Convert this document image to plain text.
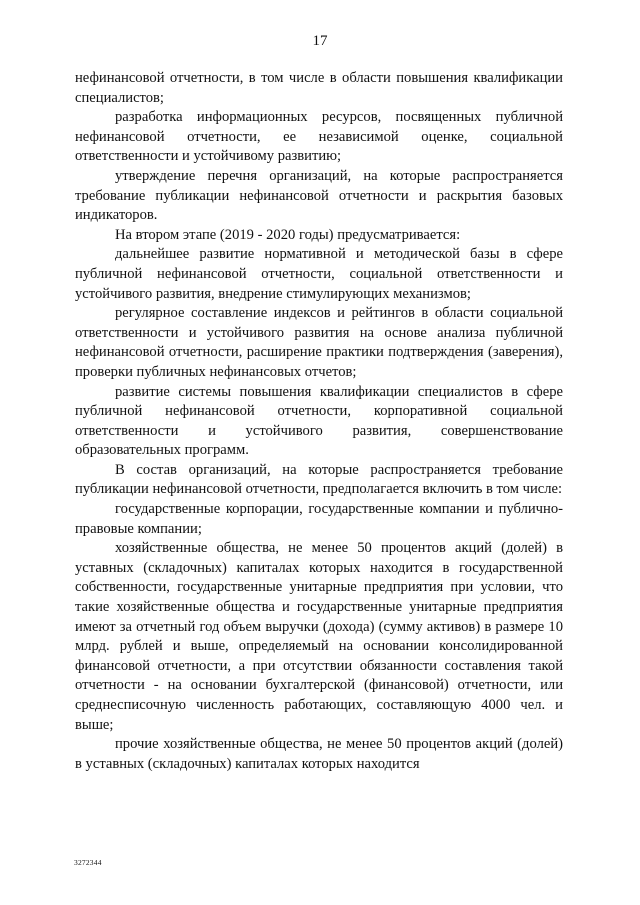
17

нефинансовой отчетности, в том числе в области повышения квалификации специалистов;

разработка информационных ресурсов, посвященных публичной нефинансовой отчетности, ее независимой оценке, социальной ответственности и устойчивому развитию;

утверждение перечня организаций, на которые распространяется требование публикации нефинансовой отчетности и раскрытия базовых индикаторов.

На втором этапе (2019 - 2020 годы) предусматривается:

дальнейшее развитие нормативной и методической базы в сфере публичной нефинансовой отчетности, социальной ответственности и устойчивого развития, внедрение стимулирующих механизмов;

регулярное составление индексов и рейтингов в области социальной ответственности и устойчивого развития на основе анализа публичной нефинансовой отчетности, расширение практики подтверждения (заверения), проверки публичных нефинансовых отчетов;

развитие системы повышения квалификации специалистов в сфере публичной нефинансовой отчетности, корпоративной социальной ответственности и устойчивого развития, совершенствование образовательных программ.

В состав организаций, на которые распространяется требование публикации нефинансовой отчетности, предполагается включить в том числе:

государственные корпорации, государственные компании и публично-правовые компании;

хозяйственные общества, не менее 50 процентов акций (долей) в уставных (складочных) капиталах которых находится в государственной собственности, государственные унитарные предприятия при условии, что такие хозяйственные общества и государственные унитарные предприятия имеют за отчетный год объем выручки (дохода) (сумму активов) в размере 10 млрд. рублей и выше, определяемый на основании консолидированной финансовой отчетности, а при отсутствии обязанности составления такой отчетности - на основании бухгалтерской (финансовой) отчетности, или среднесписочную численность работающих, составляющую 4000 чел. и выше;

прочие хозяйственные общества, не менее 50 процентов акций (долей) в уставных (складочных) капиталах которых находится

3272344
